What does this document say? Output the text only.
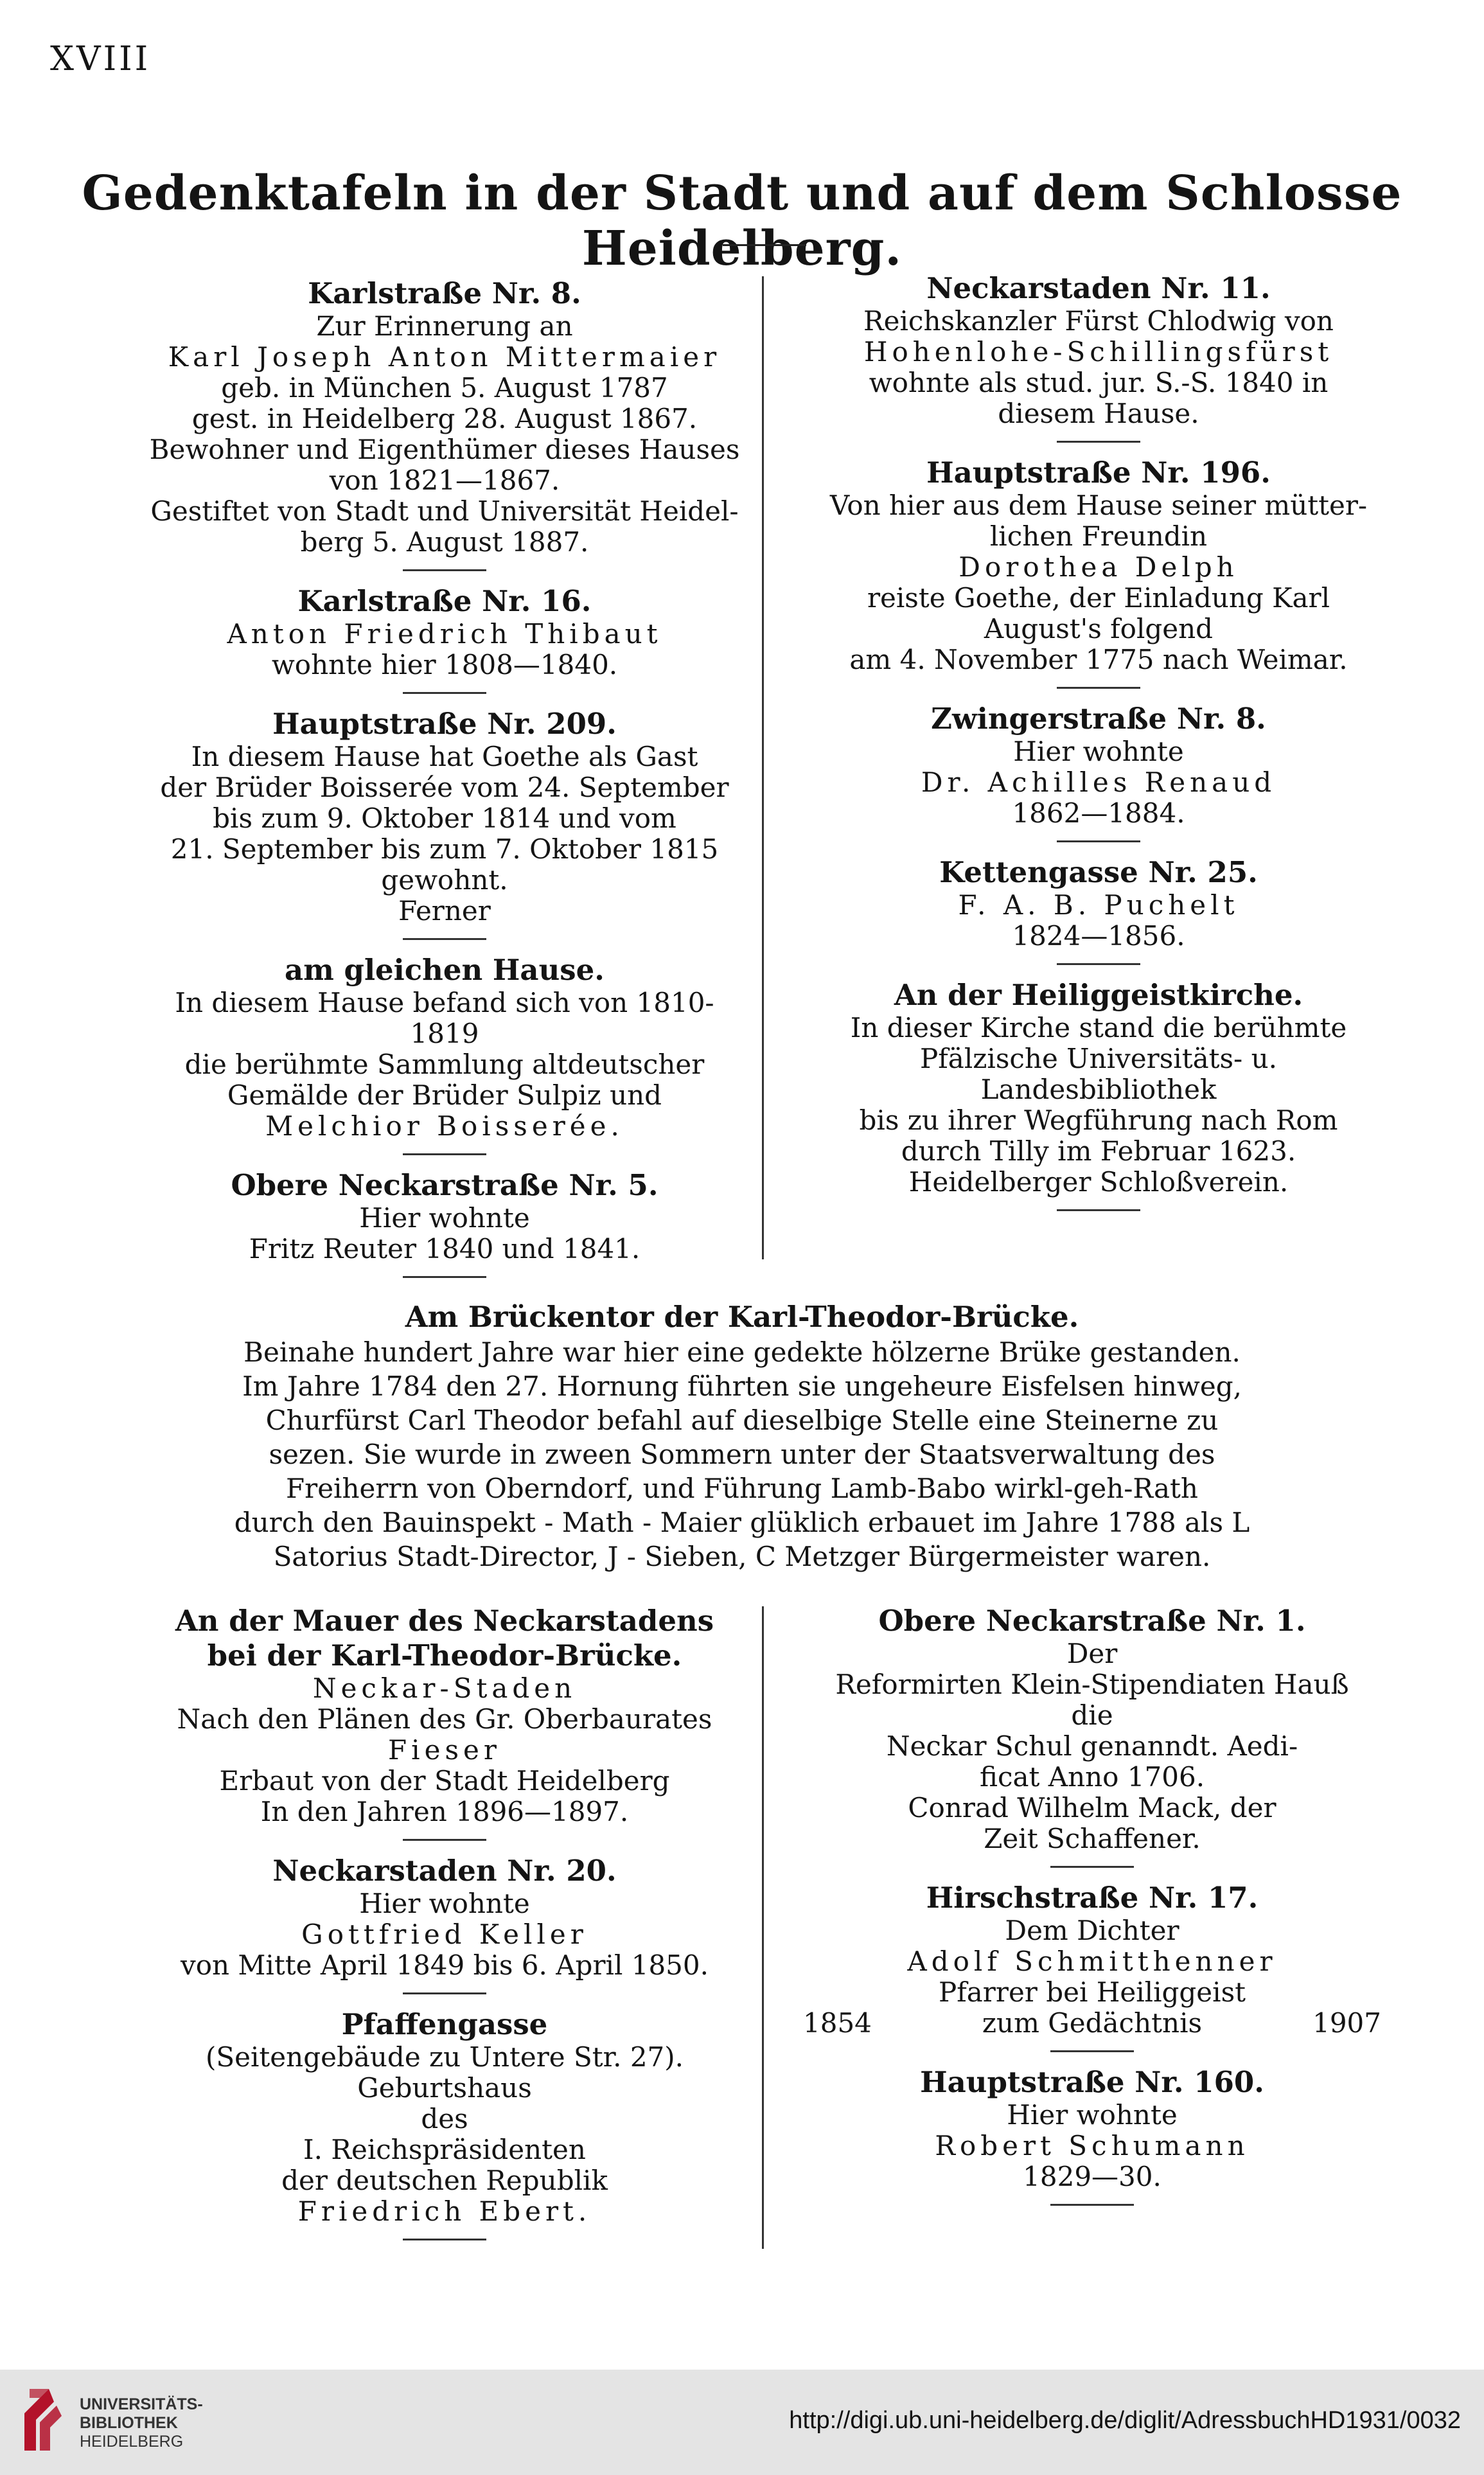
XVIII
Gedenktafeln in der Stadt und auf dem Schlosse Heidelberg.
Karlstraße Nr. 8.
Zur Erinnerung an
Karl Joseph Anton Mittermaier
geb. in München 5. August 1787
gest. in Heidelberg 28. August 1867.
Bewohner und Eigenthümer dieses Hauses
von 1821—1867.
Gestiftet von Stadt und Universität Heidel-
berg 5. August 1887.
Karlstraße Nr. 16.
Anton Friedrich Thibaut
wohnte hier 1808—1840.
Hauptstraße Nr. 209.
In diesem Hause hat Goethe als Gast
der Brüder Boisserée vom 24. September
bis zum 9. Oktober 1814 und vom
21. September bis zum 7. Oktober 1815
gewohnt.
Ferner
am gleichen Hause.
In diesem Hause befand sich von 1810-1819
die berühmte Sammlung altdeutscher
Gemälde der Brüder Sulpiz und
Melchior Boisserée.
Obere Neckarstraße Nr. 5.
Hier wohnte
Fritz Reuter 1840 und 1841.
Neckarstaden Nr. 11.
Reichskanzler Fürst Chlodwig von
Hohenlohe-Schillingsfürst
wohnte als stud. jur. S.-S. 1840 in
diesem Hause.
Hauptstraße Nr. 196.
Von hier aus dem Hause seiner mütter-
lichen Freundin
Dorothea Delph
reiste Goethe, der Einladung Karl
August's folgend
am 4. November 1775 nach Weimar.
Zwingerstraße Nr. 8.
Hier wohnte
Dr. Achilles Renaud
1862—1884.
Kettengasse Nr. 25.
F. A. B. Puchelt
1824—1856.
An der Heiliggeistkirche.
In dieser Kirche stand die berühmte
Pfälzische Universitäts- u. Landesbibliothek
bis zu ihrer Wegführung nach Rom
durch Tilly im Februar 1623.
Heidelberger Schloßverein.
Am Brückentor der Karl-Theodor-Brücke.
Beinahe hundert Jahre war hier eine gedekte hölzerne Brüke gestanden.
Im Jahre 1784 den 27. Hornung führten sie ungeheure Eisfelsen hinweg,
Churfürst Carl Theodor befahl auf dieselbige Stelle eine Steinerne zu
sezen. Sie wurde in zween Sommern unter der Staatsverwaltung des
Freiherrn von Oberndorf, und Führung Lamb-Babo wirkl-geh-Rath
durch den Bauinspekt - Math - Maier glüklich erbauet im Jahre 1788 als L
Satorius Stadt-Director, J - Sieben, C Metzger Bürgermeister waren.
An der Mauer des Neckarstadens bei der Karl-Theodor-Brücke.
Neckar-Staden
Nach den Plänen des Gr. Oberbaurates
Fieser
Erbaut von der Stadt Heidelberg
In den Jahren 1896—1897.
Neckarstaden Nr. 20.
Hier wohnte
Gottfried Keller
von Mitte April 1849 bis 6. April 1850.
Pfaffengasse
(Seitengebäude zu Untere Str. 27).
Geburtshaus
des
I. Reichspräsidenten
der deutschen Republik
Friedrich Ebert.
Obere Neckarstraße Nr. 1.
Der
Reformirten Klein-Stipendiaten Hauß
die
Neckar Schul genanndt. Aedi-
ficat Anno 1706.
Conrad Wilhelm Mack, der
Zeit Schaffener.
Hirschstraße Nr. 17.
Dem Dichter
Adolf Schmitthenner
Pfarrer bei Heiliggeist
1854	zum Gedächtnis	1907
Hauptstraße Nr. 160.
Hier wohnte
Robert Schumann
1829—30.
UNIVERSITÄTS-
BIBLIOTHEK
HEIDELBERG
http://digi.ub.uni-heidelberg.de/diglit/AdressbuchHD1931/0032
